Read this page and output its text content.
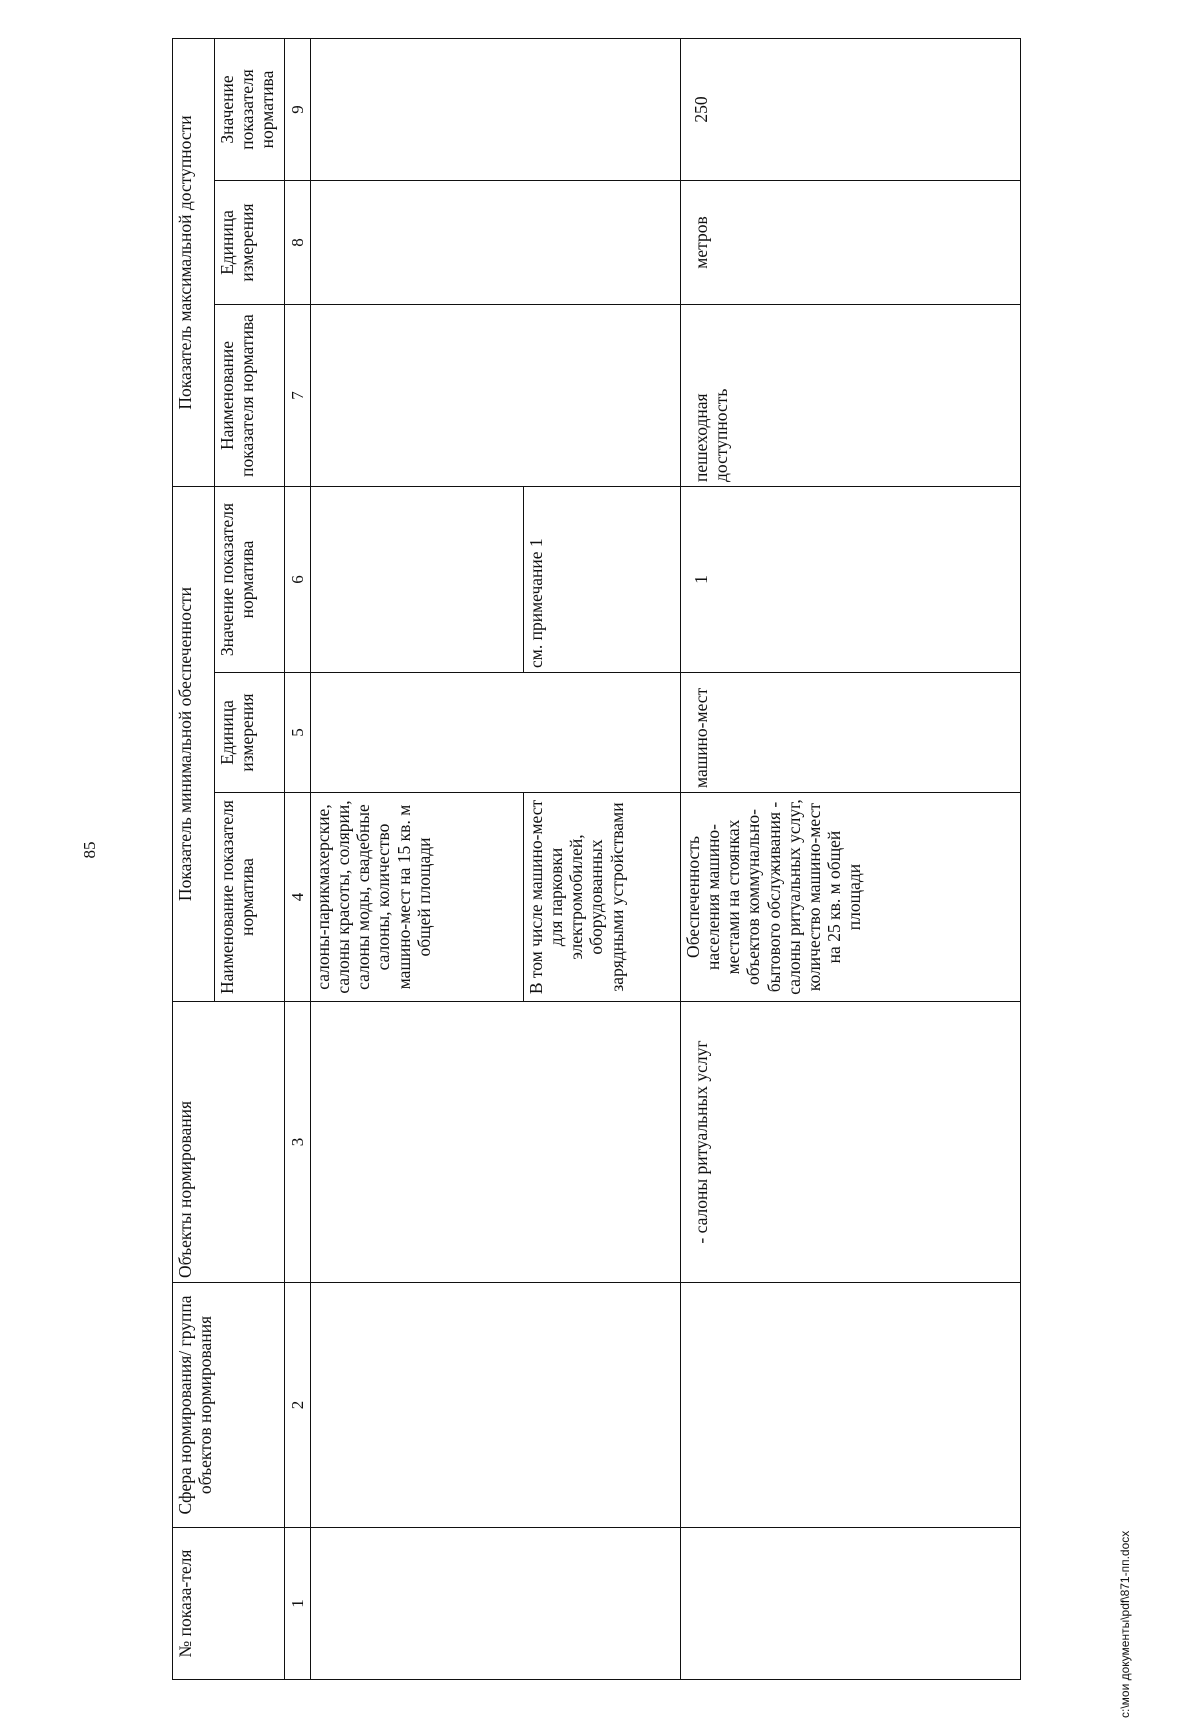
85
№ показа-теля	Сфера нормирования/ группа объектов нормирования	Объекты нормирования	Показатель минимальной обеспеченности			Показатель максимальной доступности		
			Наименование показателя норматива	Единица измерения	Значение показателя норматива	Наименование показателя норматива	Единица измерения	Значение показателя норматива
1	2	3	4	5	6	7	8	9
			салоны-парикмахерские, салоны красоты, солярии, салоны моды, свадебные салоны, количество машино-мест на 15 кв. м общей площади					
			В том числе машино-мест для парковки электромобилей, оборудованных зарядными устройствами		см. примечание 1			
		- салоны ритуальных услуг	Обеспеченность населения машино-местами на стоянках объектов коммунально-бытового обслуживания - салоны ритуальных услуг, количество машино-мест на 25 кв. м общей площади	машино-мест	1	пешеходная доступность	метров	250
c:\мои документы\pdf\871-пп.docx
